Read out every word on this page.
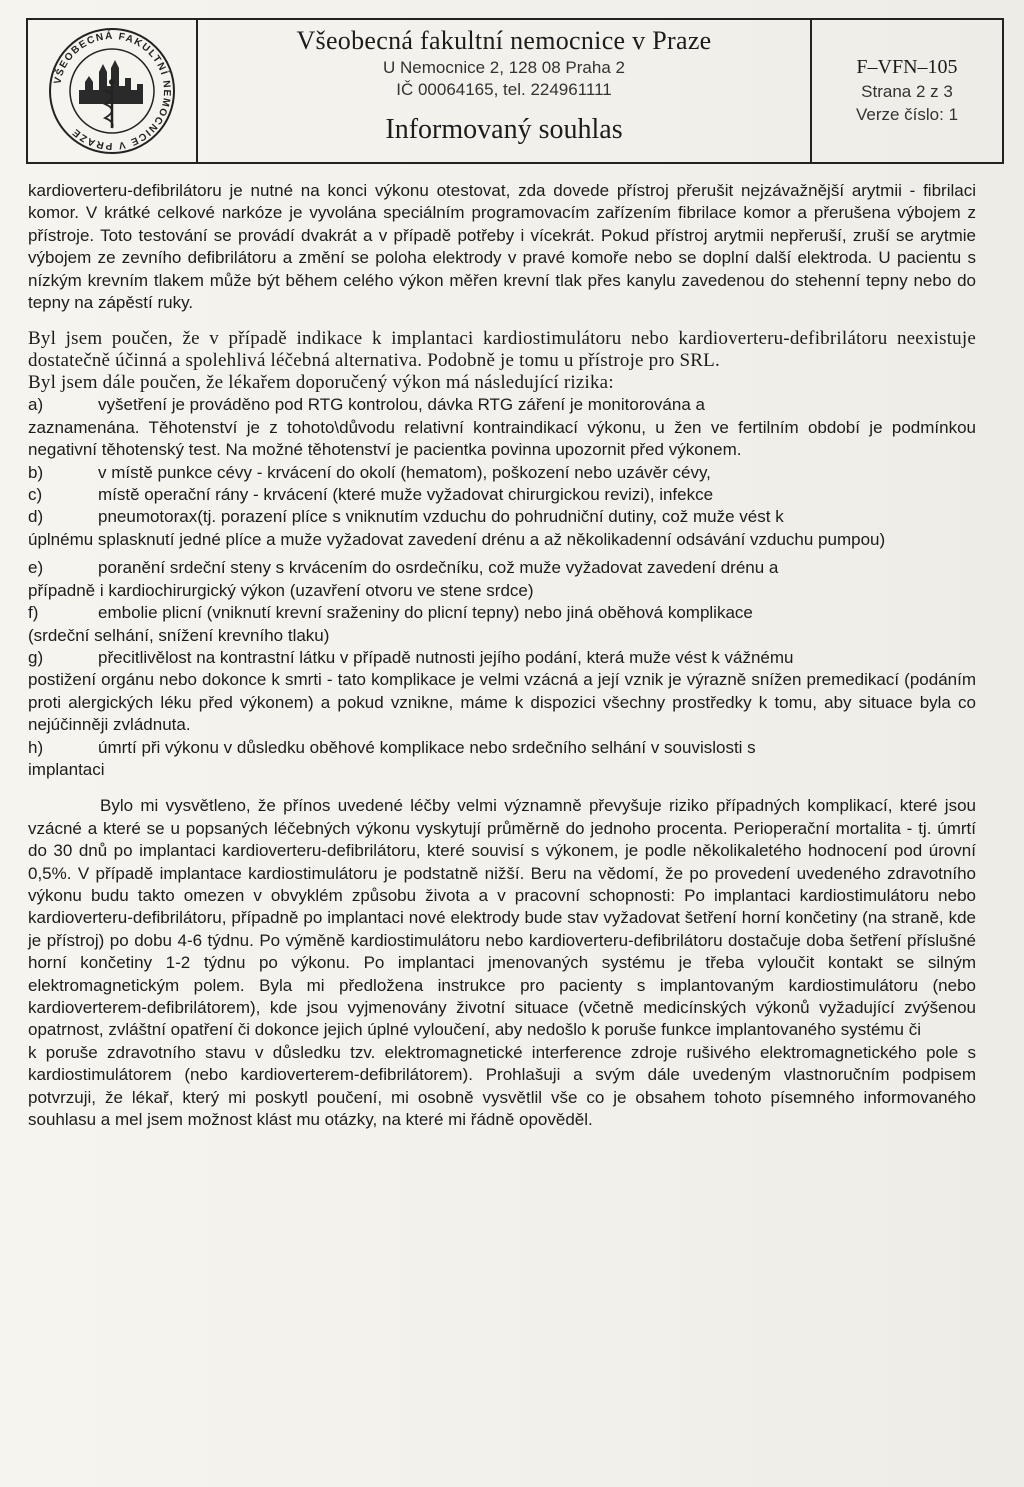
VŠEOBECNÁ FAKULTNÍ NEMOCNICE V PRAZE
Všeobecná fakultní nemocnice v Praze
U Nemocnice 2, 128 08 Praha 2
IČ 00064165, tel. 224961111
Informovaný souhlas
F–VFN–105
Strana 2 z 3
Verze číslo: 1

kardioverteru-defibrilátoru je nutné na konci výkonu otestovat, zda dovede přístroj přerušit nejzávažnější arytmii - fibrilaci komor. V krátké celkové narkóze je vyvolána speciálním programovacím zařízením fibrilace komor a přerušena výbojem z přístroje. Toto testování se provádí dvakrát a v případě potřeby i vícekrát. Pokud přístroj arytmii nepřeruší, zruší se arytmie výbojem ze zevního defibrilátoru a změní se poloha elektrody v pravé komoře nebo se doplní další elektroda. U pacientu s nízkým krevním tlakem může být během celého výkon měřen krevní tlak přes kanylu zavedenou do stehenní tepny nebo do tepny na zápěstí ruky.

Byl jsem poučen, že v případě indikace k implantaci kardiostimulátoru nebo kardioverteru-defibrilátoru neexistuje dostatečně účinná a spolehlivá léčebná alternativa. Podobně je tomu u přístroje pro SRL.

Byl jsem dále poučen, že lékařem doporučený výkon má následující rizika:

a)	vyšetření je prováděno pod RTG kontrolou, dávka RTG záření je monitorována a
zaznamenána. Těhotenství je z tohoto\důvodu relativní kontraindikací výkonu, u žen ve fertilním období je podmínkou negativní těhotenský test. Na možné těhotenství je pacientka povinna upozornit před výkonem.
b)	v místě punkce cévy - krvácení do okolí (hematom), poškození nebo uzávěr cévy,
c)	místě operační rány - krvácení (které muže vyžadovat chirurgickou revizi), infekce
d)	pneumotorax(tj. porazení plíce s vniknutím vzduchu do pohrudniční dutiny, což muže vést k
úplnému splasknutí jedné plíce a muže vyžadovat zavedení drénu a až několikadenní odsávání vzduchu pumpou)
e)	poranění srdeční steny s krvácením do osrdečníku, což muže vyžadovat zavedení drénu a
případně i kardiochirurgický výkon (uzavření otvoru ve stene srdce)
f)	embolie plicní (vniknutí krevní sraženiny do plicní tepny) nebo jiná oběhová komplikace
(srdeční selhání, snížení krevního tlaku)
g)	přecitlivělost na kontrastní látku v případě nutnosti jejího podání, která muže vést k vážnému
postižení orgánu nebo dokonce k smrti - tato komplikace je velmi vzácná a její vznik je výrazně snížen premedikací (podáním proti alergických léku před výkonem) a pokud vznikne, máme k dispozici všechny prostředky k tomu, aby situace byla co nejúčinněji zvládnuta.
h)	úmrtí při výkonu v důsledku oběhové komplikace nebo srdečního selhání v souvislosti s
implantaci

Bylo mi vysvětleno, že přínos uvedené léčby velmi významně převyšuje riziko případných komplikací, které jsou vzácné a které se u popsaných léčebných výkonu vyskytují průměrně do jednoho procenta. Perioperační mortalita - tj. úmrtí do 30 dnů po implantaci kardioverteru-defibrilátoru, které souvisí s výkonem, je podle několikaletého hodnocení pod úrovní 0,5%. V případě implantace kardiostimulátoru je podstatně nižší. Beru na vědomí, že po provedení uvedeného zdravotního výkonu budu takto omezen v obvyklém způsobu života a v pracovní schopnosti: Po implantaci kardiostimulátoru nebo kardioverteru-defibrilátoru, případně po implantaci nové elektrody bude stav vyžadovat šetření horní končetiny (na straně, kde je přístroj) po dobu 4-6 týdnu. Po výměně kardiostimulátoru nebo kardioverteru-defibrilátoru dostačuje doba šetření příslušné horní končetiny 1-2 týdnu po výkonu. Po implantaci jmenovaných systému je třeba vyloučit kontakt se silným elektromagnetickým polem. Byla mi předložena instrukce pro pacienty s implantovaným kardiostimulátoru (nebo kardioverterem-defibrilátorem), kde jsou vyjmenovány životní situace (včetně medicínských výkonů vyžadující zvýšenou opatrnost, zvláštní opatření či dokonce jejich úplné vyloučení, aby nedošlo k poruše funkce implantovaného systému či

k poruše zdravotního stavu v důsledku tzv. elektromagnetické interference zdroje rušivého elektromagnetického pole s kardiostimulátorem (nebo kardioverterem-defibrilátorem). Prohlašuji a svým dále uvedeným vlastnoručním podpisem potvrzuji, že lékař, který mi poskytl poučení, mi osobně vysvětlil vše co je obsahem tohoto písemného informovaného souhlasu a mel jsem možnost klást mu otázky, na které mi řádně opověděl.
